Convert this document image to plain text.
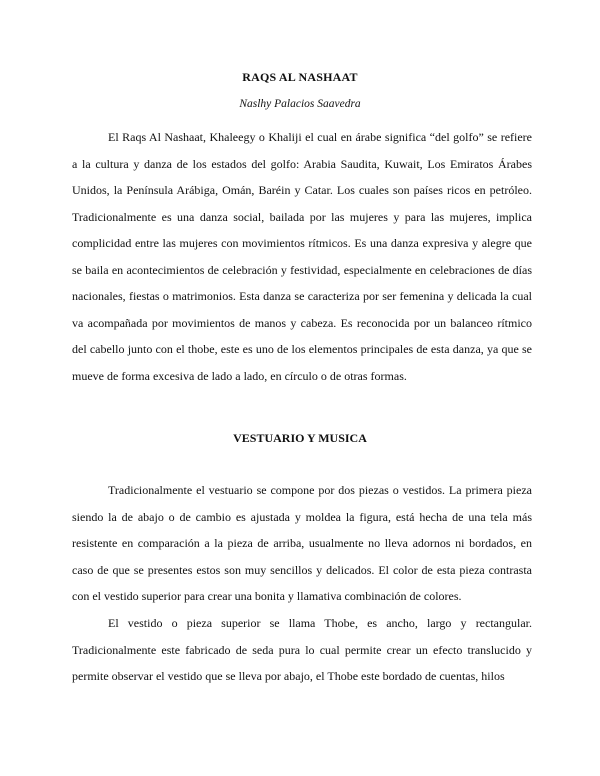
RAQS AL NASHAAT
Naslhy Palacios Saavedra

El Raqs Al Nashaat, Khaleegy o Khaliji el cual en árabe significa “del golfo” se refiere a la cultura y danza de los estados del golfo: Arabia Saudita, Kuwait, Los Emiratos Árabes Unidos, la Península Arábiga, Omán, Baréin y Catar. Los cuales son países ricos en petróleo. Tradicionalmente es una danza social, bailada por las mujeres y para las mujeres, implica complicidad entre las mujeres con movimientos rítmicos. Es una danza expresiva y alegre que se baila en acontecimientos de celebración y festividad, especialmente en celebraciones de días nacionales, fiestas o matrimonios. Esta danza se caracteriza por ser femenina y delicada la cual va acompañada por movimientos de manos y cabeza. Es reconocida por un balanceo rítmico del cabello junto con el thobe, este es uno de los elementos principales de esta danza, ya que se mueve de forma excesiva de lado a lado, en círculo o de otras formas.

VESTUARIO Y MUSICA

Tradicionalmente el vestuario se compone por dos piezas o vestidos. La primera pieza siendo la de abajo o de cambio es ajustada y moldea la figura, está hecha de una tela más resistente en comparación a la pieza de arriba, usualmente no lleva adornos ni bordados, en caso de que se presentes estos son muy sencillos y delicados. El color de esta pieza contrasta con el vestido superior para crear una bonita y llamativa combinación de colores.

El vestido o pieza superior se llama Thobe, es ancho, largo y rectangular. Tradicionalmente este fabricado de seda pura lo cual permite crear un efecto translucido y permite observar el vestido que se lleva por abajo, el Thobe este bordado de cuentas, hilos
